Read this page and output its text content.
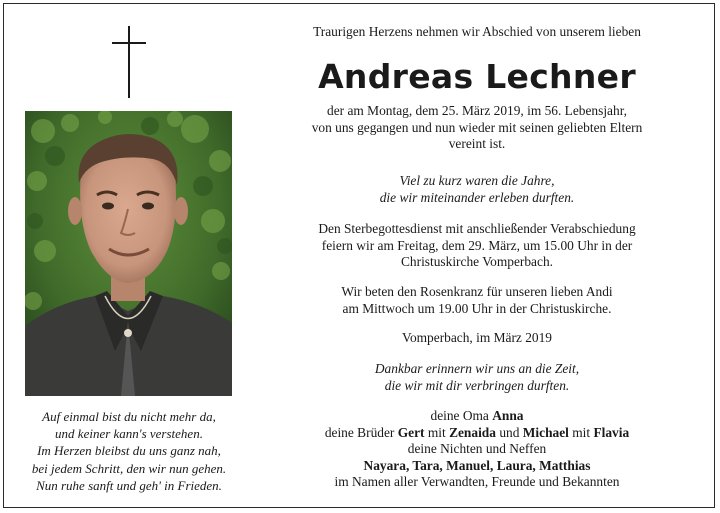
Auf einmal bist du nicht mehr da,
und keiner kann's verstehen.
Im Herzen bleibst du uns ganz nah,
bei jedem Schritt, den wir nun gehen.
Nun ruhe sanft und geh' in Frieden.
Traurigen Herzens nehmen wir Abschied von unserem lieben
Andreas Lechner
der am Montag, dem 25. März 2019, im 56. Lebensjahr,
von uns gegangen und nun wieder mit seinen geliebten Eltern
vereint ist.
Viel zu kurz waren die Jahre,
die wir miteinander erleben durften.
Den Sterbegottesdienst mit anschließender Verabschiedung
feiern wir am Freitag, dem 29. März, um 15.00 Uhr in der
Christuskirche Vomperbach.
Wir beten den Rosenkranz für unseren lieben Andi
am Mittwoch um 19.00 Uhr in der Christuskirche.
Vomperbach, im März 2019
Dankbar erinnern wir uns an die Zeit,
die wir mit dir verbringen durften.
deine Oma Anna
deine Brüder Gert mit Zenaida und Michael mit Flavia
deine Nichten und Neffen
Nayara, Tara, Manuel, Laura, Matthias
im Namen aller Verwandten, Freunde und Bekannten
